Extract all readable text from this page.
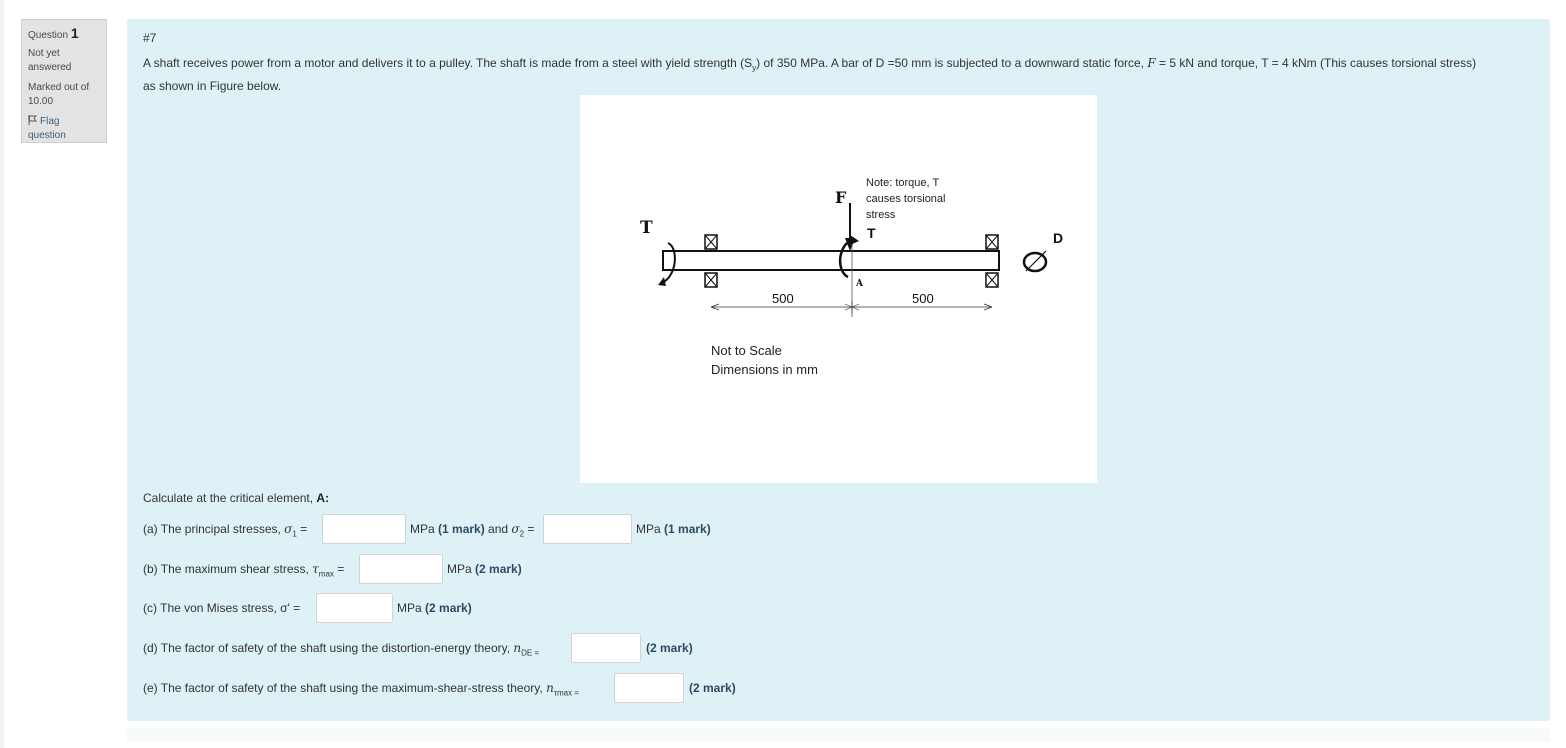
Question 1
Not yet
answered
Marked out of
10.00
Flag question
#7
A shaft receives power from a motor and delivers it to a pulley. The shaft is made from a steel with yield strength $(S_y)$ of 350 MPa. A bar of D =50 mm is subjected to a downward static force, F = 5 kN and torque, T = 4 kNm (This causes torsional stress)
as shown in Figure below.
T
F
T
A
500	500
D
Note: torque, T
causes torsional
stress
Not to Scale
Dimensions in mm
Calculate at the critical element, A:
(a) The principal stresses, $\sigma_1$ =	MPa (1 mark) and $\sigma_2$ =	MPa (1 mark)
(b) The maximum shear stress, $\tau_{max}$ =	MPa (2 mark)
(c) The von Mises stress, σ' =	MPa (2 mark)
(d) The factor of safety of the shaft using the distortion-energy theory, $n_{DE =}$	(2 mark)
(e) The factor of safety of the shaft using the maximum-shear-stress theory, $n_{\tau max =}$	(2 mark)
